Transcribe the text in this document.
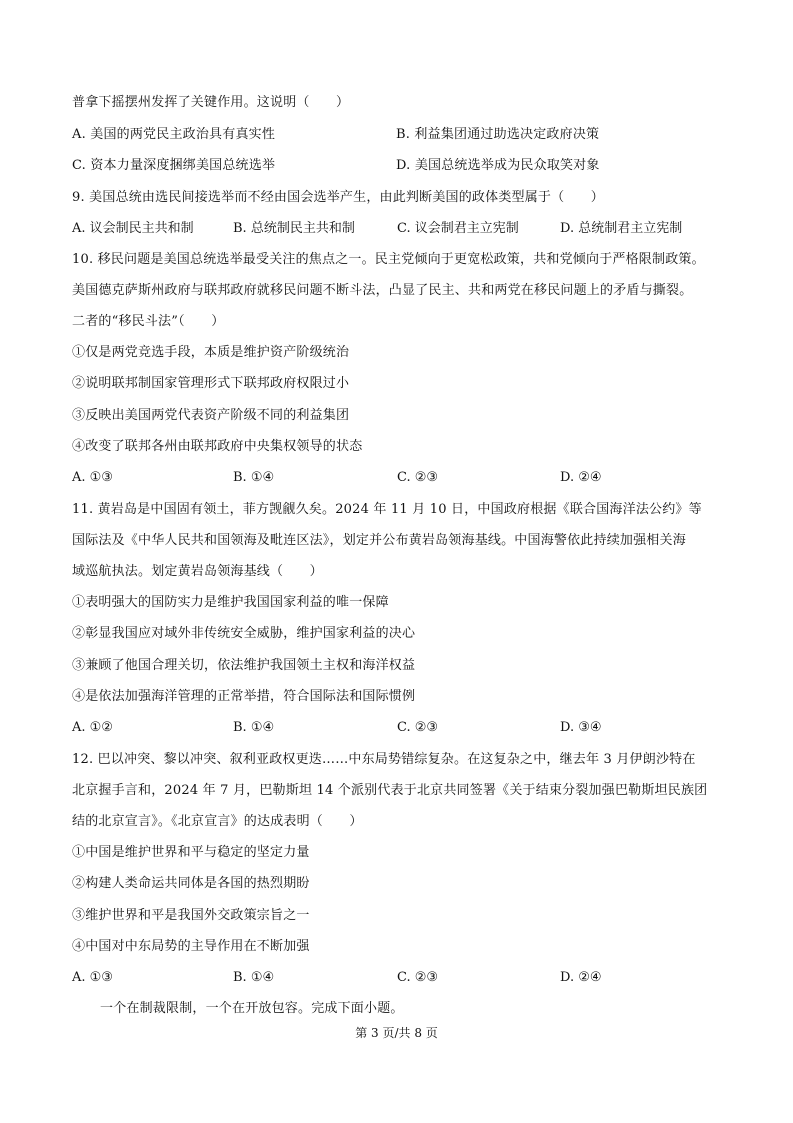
普拿下摇摆州发挥了关键作用。这说明（　　）
A. 美国的两党民主政治具有真实性	B. 利益集团通过助选决定政府决策
C. 资本力量深度捆绑美国总统选举	D. 美国总统选举成为民众取笑对象
9. 美国总统由选民间接选举而不经由国会选举产生，由此判断美国的政体类型属于（　　）
A. 议会制民主共和制	B. 总统制民主共和制	C. 议会制君主立宪制	D. 总统制君主立宪制
10. 移民问题是美国总统选举最受关注的焦点之一。民主党倾向于更宽松政策，共和党倾向于严格限制政策。
美国德克萨斯州政府与联邦政府就移民问题不断斗法，凸显了民主、共和两党在移民问题上的矛盾与撕裂。
二者的“移民斗法”（　　）
①仅是两党竞选手段，本质是维护资产阶级统治
②说明联邦制国家管理形式下联邦政府权限过小
③反映出美国两党代表资产阶级不同的利益集团
④改变了联邦各州由联邦政府中央集权领导的状态
A. ①③	B. ①④	C. ②③	D. ②④
11. 黄岩岛是中国固有领土，菲方觊觎久矣。2024 年 11 月 10 日，中国政府根据《联合国海洋法公约》等
国际法及《中华人民共和国领海及毗连区法》，划定并公布黄岩岛领海基线。中国海警依此持续加强相关海
域巡航执法。划定黄岩岛领海基线（　　）
①表明强大的国防实力是维护我国国家利益的唯一保障
②彰显我国应对域外非传统安全威胁，维护国家利益的决心
③兼顾了他国合理关切，依法维护我国领土主权和海洋权益
④是依法加强海洋管理的正常举措，符合国际法和国际惯例
A. ①②	B. ①④	C. ②③	D. ③④
12. 巴以冲突、黎以冲突、叙利亚政权更迭……中东局势错综复杂。在这复杂之中，继去年 3 月伊朗沙特在
北京握手言和，2024 年 7 月，巴勒斯坦 14 个派别代表于北京共同签署《关于结束分裂加强巴勒斯坦民族团
结的北京宣言》。《北京宣言》的达成表明（　　）
①中国是维护世界和平与稳定的坚定力量
②构建人类命运共同体是各国的热烈期盼
③维护世界和平是我国外交政策宗旨之一
④中国对中东局势的主导作用在不断加强
A. ①③	B. ①④	C. ②③	D. ②④
一个在制裁限制，一个在开放包容。完成下面小题。
第 3 页/共 8 页
